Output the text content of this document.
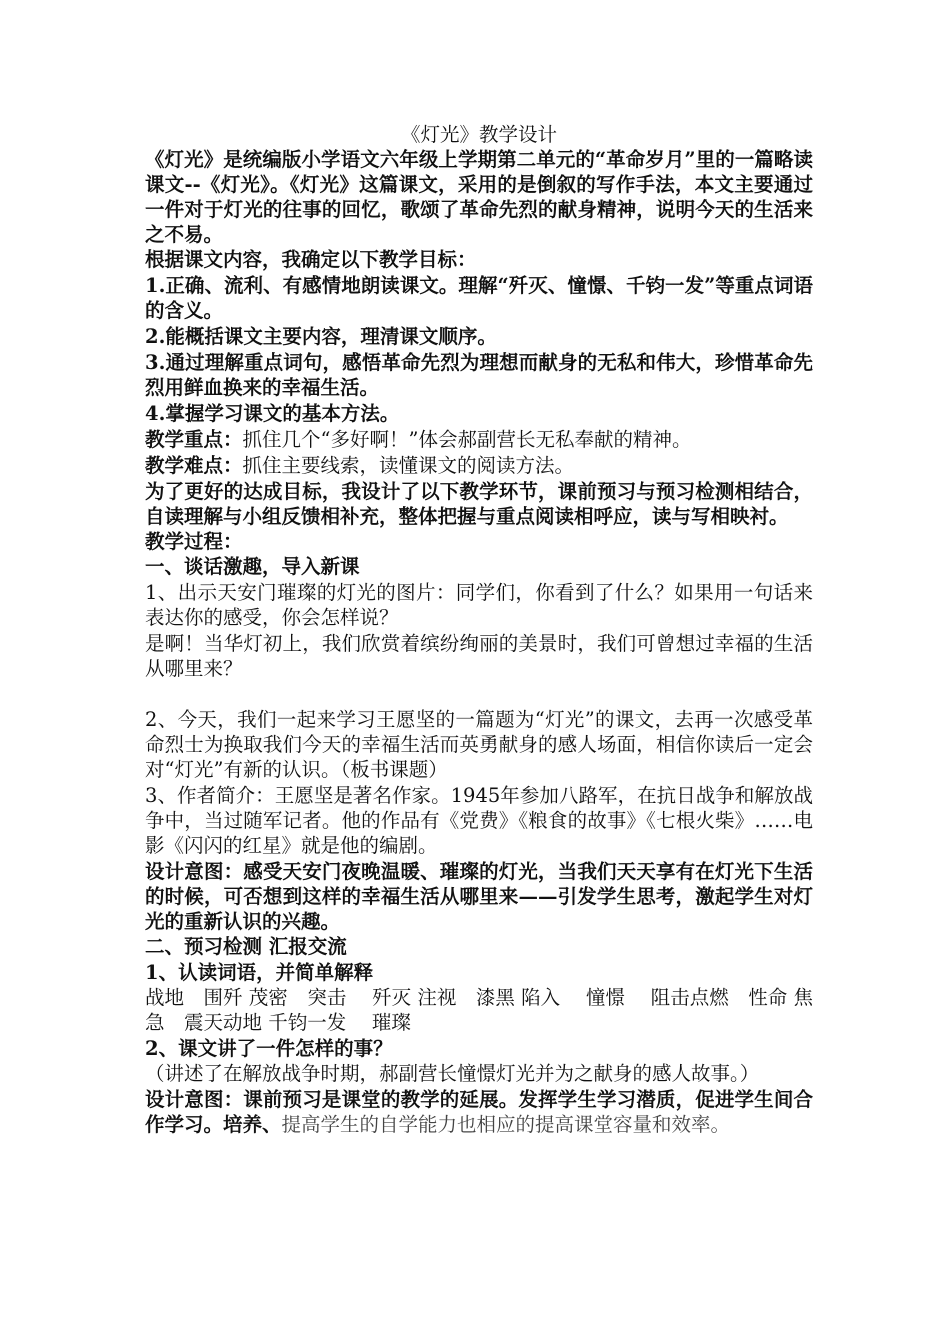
《灯光》教学设计

《灯光》是统编版小学语文六年级上学期第二单元的“革命岁月”里的一篇略读课文--《灯光》。《灯光》这篇课文，采用的是倒叙的写作手法，本文主要通过一件对于灯光的往事的回忆，歌颂了革命先烈的献身精神，说明今天的生活来之不易。

根据课文内容，我确定以下教学目标：

1.正确、流利、有感情地朗读课文。理解“歼灭、憧憬、千钧一发”等重点词语的含义。

2.能概括课文主要内容，理清课文顺序。

3.通过理解重点词句，感悟革命先烈为理想而献身的无私和伟大，珍惜革命先烈用鲜血换来的幸福生活。

4.掌握学习课文的基本方法。

教学重点：抓住几个“多好啊！”体会郝副营长无私奉献的精神。

教学难点：抓住主要线索，读懂课文的阅读方法。

为了更好的达成目标，我设计了以下教学环节，课前预习与预习检测相结合，自读理解与小组反馈相补充，整体把握与重点阅读相呼应，读与写相映衬。

教学过程：

一、谈话激趣，导入新课

1、出示天安门璀璨的灯光的图片：同学们，你看到了什么？如果用一句话来表达你的感受，你会怎样说？

是啊！当华灯初上，我们欣赏着缤纷绚丽的美景时，我们可曾想过幸福的生活从哪里来？

2、今天，我们一起来学习王愿坚的一篇题为“灯光”的课文，去再一次感受革命烈士为换取我们今天的幸福生活而英勇献身的感人场面，相信你读后一定会对“灯光”有新的认识。（板书课题）

3、作者简介：王愿坚是著名作家。1945年参加八路军，在抗日战争和解放战争中，当过随军记者。他的作品有《党费》《粮食的故事》《七根火柴》……电影《闪闪的红星》就是他的编剧。

设计意图：感受天安门夜晚温暖、璀璨的灯光，当我们天天享有在灯光下生活的时候，可否想到这样的幸福生活从哪里来——引发学生思考，激起学生对灯光的重新认识的兴趣。

二、预习检测 汇报交流

1、认读词语，并简单解释

战地　围歼 茂密　突击　 歼灭 注视　漆黑 陷入　 憧憬　 阻击点燃　性命 焦急　震天动地 千钧一发　 璀璨

2、课文讲了一件怎样的事？

（讲述了在解放战争时期，郝副营长憧憬灯光并为之献身的感人故事。）

设计意图：课前预习是课堂的教学的延展。发挥学生学习潜质，促进学生间合作学习。培养、提高学生的自学能力也相应的提高课堂容量和效率。
